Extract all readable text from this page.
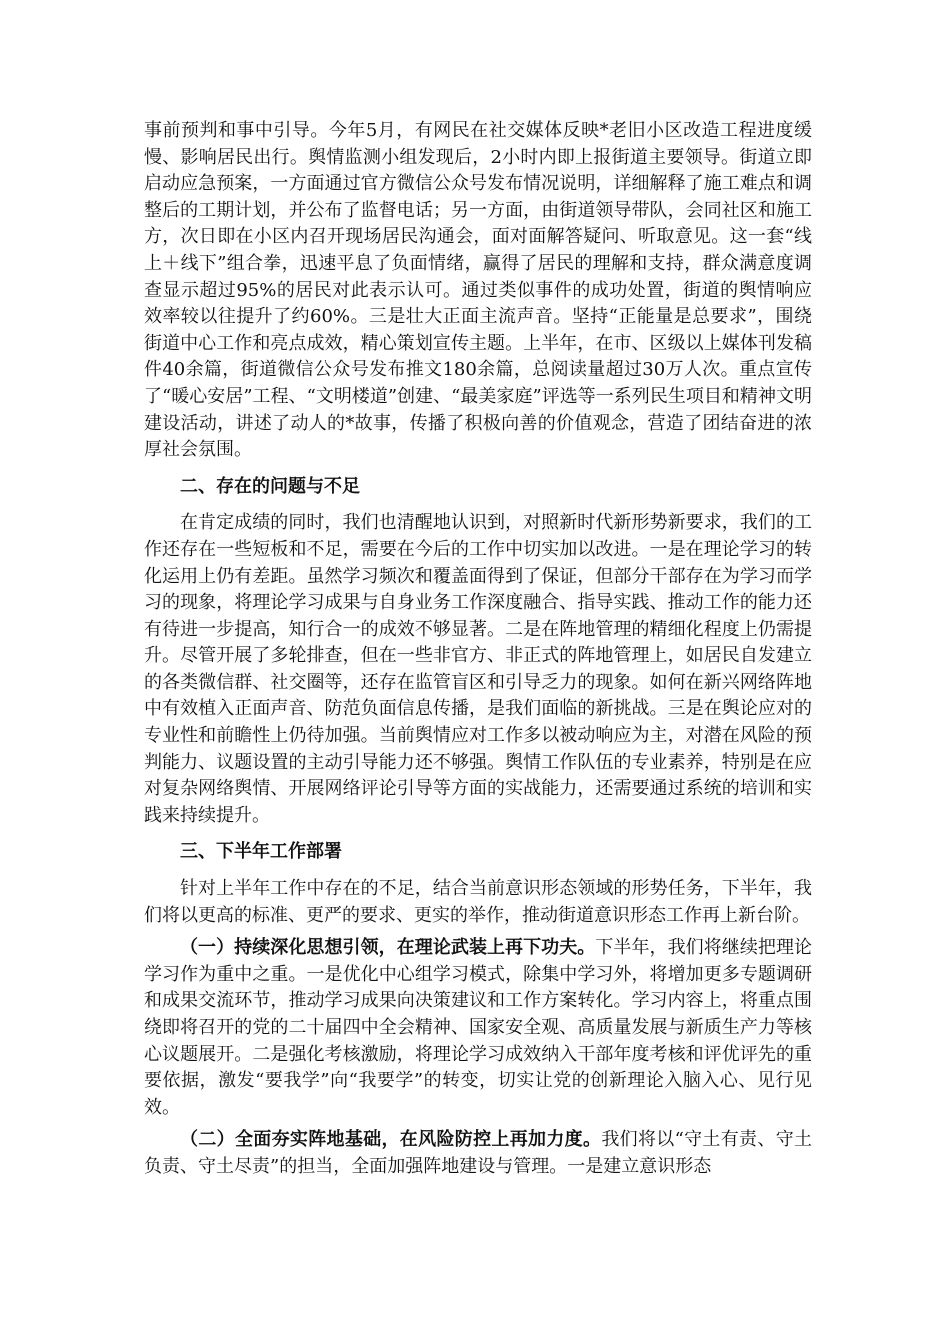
事前预判和事中引导。今年5月，有网民在社交媒体反映*老旧小区改造工程进度缓慢、影响居民出行。舆情监测小组发现后，2小时内即上报街道主要领导。街道立即启动应急预案，一方面通过官方微信公众号发布情况说明，详细解释了施工难点和调整后的工期计划，并公布了监督电话；另一方面，由街道领导带队，会同社区和施工方，次日即在小区内召开现场居民沟通会，面对面解答疑问、听取意见。这一套“线上＋线下”组合拳，迅速平息了负面情绪，赢得了居民的理解和支持，群众满意度调查显示超过95%的居民对此表示认可。通过类似事件的成功处置，街道的舆情响应效率较以往提升了约60%。三是壮大正面主流声音。坚持“正能量是总要求”，围绕街道中心工作和亮点成效，精心策划宣传主题。上半年，在市、区级以上媒体刊发稿件40余篇，街道微信公众号发布推文180余篇，总阅读量超过30万人次。重点宣传了“暖心安居”工程、“文明楼道”创建、“最美家庭”评选等一系列民生项目和精神文明建设活动，讲述了动人的*故事，传播了积极向善的价值观念，营造了团结奋进的浓厚社会氛围。

二、存在的问题与不足

在肯定成绩的同时，我们也清醒地认识到，对照新时代新形势新要求，我们的工作还存在一些短板和不足，需要在今后的工作中切实加以改进。一是在理论学习的转化运用上仍有差距。虽然学习频次和覆盖面得到了保证，但部分干部存在为学习而学习的现象，将理论学习成果与自身业务工作深度融合、指导实践、推动工作的能力还有待进一步提高，知行合一的成效不够显著。二是在阵地管理的精细化程度上仍需提升。尽管开展了多轮排查，但在一些非官方、非正式的阵地管理上，如居民自发建立的各类微信群、社交圈等，还存在监管盲区和引导乏力的现象。如何在新兴网络阵地中有效植入正面声音、防范负面信息传播，是我们面临的新挑战。三是在舆论应对的专业性和前瞻性上仍待加强。当前舆情应对工作多以被动响应为主，对潜在风险的预判能力、议题设置的主动引导能力还不够强。舆情工作队伍的专业素养，特别是在应对复杂网络舆情、开展网络评论引导等方面的实战能力，还需要通过系统的培训和实践来持续提升。

三、下半年工作部署

针对上半年工作中存在的不足，结合当前意识形态领域的形势任务，下半年，我们将以更高的标准、更严的要求、更实的举作，推动街道意识形态工作再上新台阶。

（一）持续深化思想引领，在理论武装上再下功夫。下半年，我们将继续把理论学习作为重中之重。一是优化中心组学习模式，除集中学习外，将增加更多专题调研和成果交流环节，推动学习成果向决策建议和工作方案转化。学习内容上，将重点围绕即将召开的党的二十届四中全会精神、国家安全观、高质量发展与新质生产力等核心议题展开。二是强化考核激励，将理论学习成效纳入干部年度考核和评优评先的重要依据，激发“要我学”向“我要学”的转变，切实让党的创新理论入脑入心、见行见效。

（二）全面夯实阵地基础，在风险防控上再加力度。我们将以“守土有责、守土负责、守土尽责”的担当，全面加强阵地建设与管理。一是建立意识形态
